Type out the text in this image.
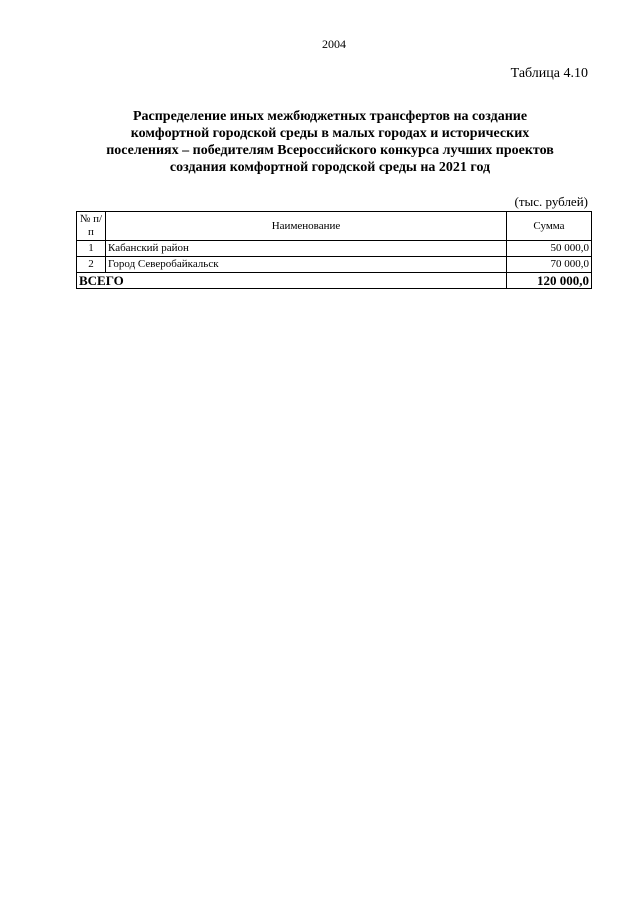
2004
Таблица 4.10
Распределение иных межбюджетных трансфертов на создание
комфортной городской среды в малых городах и исторических
поселениях – победителям Всероссийского конкурса лучших проектов
создания комфортной городской среды на 2021 год
(тыс. рублей)
№ п/п	Наименование	Сумма
1	Кабанский район	50 000,0
2	Город Северобайкальск	70 000,0
ВСЕГО		120 000,0
